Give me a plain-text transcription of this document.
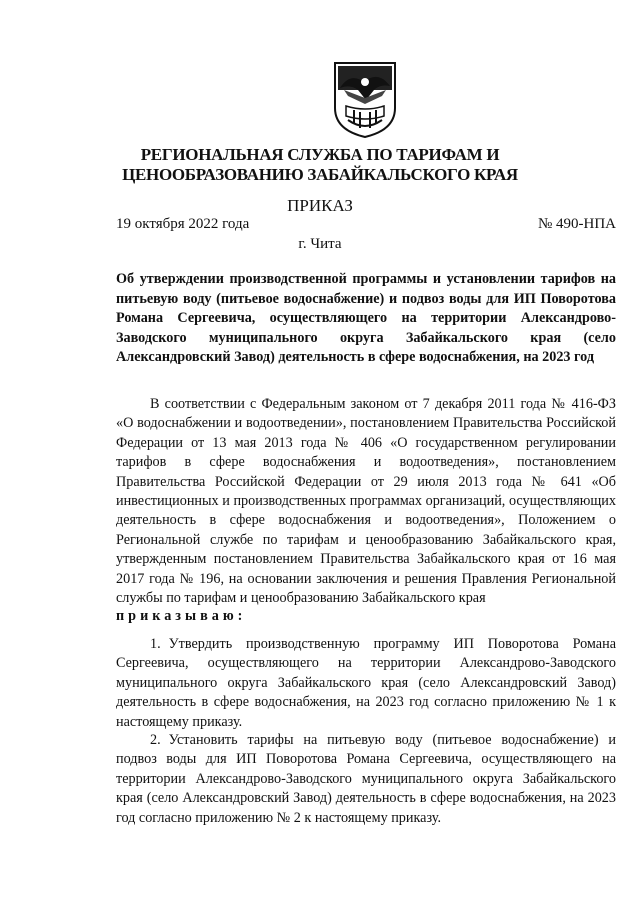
РЕГИОНАЛЬНАЯ СЛУЖБА ПО ТАРИФАМ И
ЦЕНООБРАЗОВАНИЮ ЗАБАЙКАЛЬСКОГО КРАЯ
ПРИКАЗ
19 октября 2022 года	№ 490-НПА
г. Чита
Об утверждении производственной программы и установлении тарифов на питьевую воду (питьевое водоснабжение) и подвоз воды для ИП Поворотова Романа Сергеевича, осуществляющего на территории Александрово-Заводского муниципального округа Забайкальского края (село Александровский Завод) деятельность в сфере водоснабжения, на 2023 год
В соответствии с Федеральным законом от 7 декабря 2011 года № 416-ФЗ «О водоснабжении и водоотведении», постановлением Правительства Российской Федерации от 13 мая 2013 года № 406 «О государственном регулировании тарифов в сфере водоснабжения и водоотведения», постановлением Правительства Российской Федерации от 29 июля 2013 года № 641 «Об инвестиционных и производственных программах организаций, осуществляющих деятельность в сфере водоснабжения и водоотведения», Положением о Региональной службе по тарифам и ценообразованию Забайкальского края, утвержденным постановлением Правительства Забайкальского края от 16 мая 2017 года № 196, на основании заключения и решения Правления Региональной службы по тарифам и ценообразованию Забайкальского края
приказываю:
1. Утвердить производственную программу ИП Поворотова Романа Сергеевича, осуществляющего на территории Александрово-Заводского муниципального округа Забайкальского края (село Александровский Завод) деятельность в сфере водоснабжения, на 2023 год согласно приложению № 1 к настоящему приказу.
2. Установить тарифы на питьевую воду (питьевое водоснабжение) и подвоз воды для ИП Поворотова Романа Сергеевича, осуществляющего на территории Александрово-Заводского муниципального округа Забайкальского края (село Александровский Завод) деятельность в сфере водоснабжения, на 2023 год согласно приложению № 2 к настоящему приказу.
